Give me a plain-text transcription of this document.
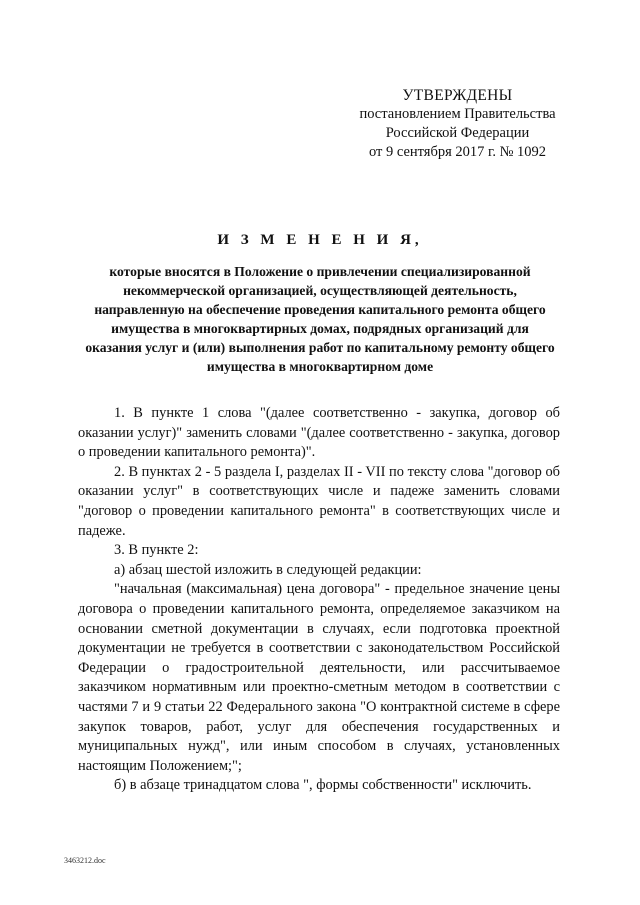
УТВЕРЖДЕНЫ
постановлением Правительства
Российской Федерации
от 9 сентября 2017 г. № 1092
И З М Е Н Е Н И Я,
которые вносятся в Положение о привлечении специализированной некоммерческой организацией, осуществляющей деятельность, направленную на обеспечение проведения капитального ремонта общего имущества в многоквартирных домах, подрядных организаций для оказания услуг и (или) выполнения работ по капитальному ремонту общего имущества в многоквартирном доме

1. В пункте 1 слова "(далее соответственно - закупка, договор об оказании услуг)" заменить словами "(далее соответственно - закупка, договор о проведении капитального ремонта)".

2. В пунктах 2 - 5 раздела I, разделах II - VII по тексту слова "договор об оказании услуг" в соответствующих числе и падеже заменить словами "договор о проведении капитального ремонта" в соответствующих числе и падеже.

3. В пункте 2:

а) абзац шестой изложить в следующей редакции:

"начальная (максимальная) цена договора" - предельное значение цены договора о проведении капитального ремонта, определяемое заказчиком на основании сметной документации в случаях, если подготовка проектной документации не требуется в соответствии с законодательством Российской Федерации о градостроительной деятельности, или рассчитываемое заказчиком нормативным или проектно-сметным методом в соответствии с частями 7 и 9 статьи 22 Федерального закона "О контрактной системе в сфере закупок товаров, работ, услуг для обеспечения государственных и муниципальных нужд", или иным способом в случаях, установленных настоящим Положением;";

б) в абзаце тринадцатом слова ", формы собственности" исключить.

3463212.doc
